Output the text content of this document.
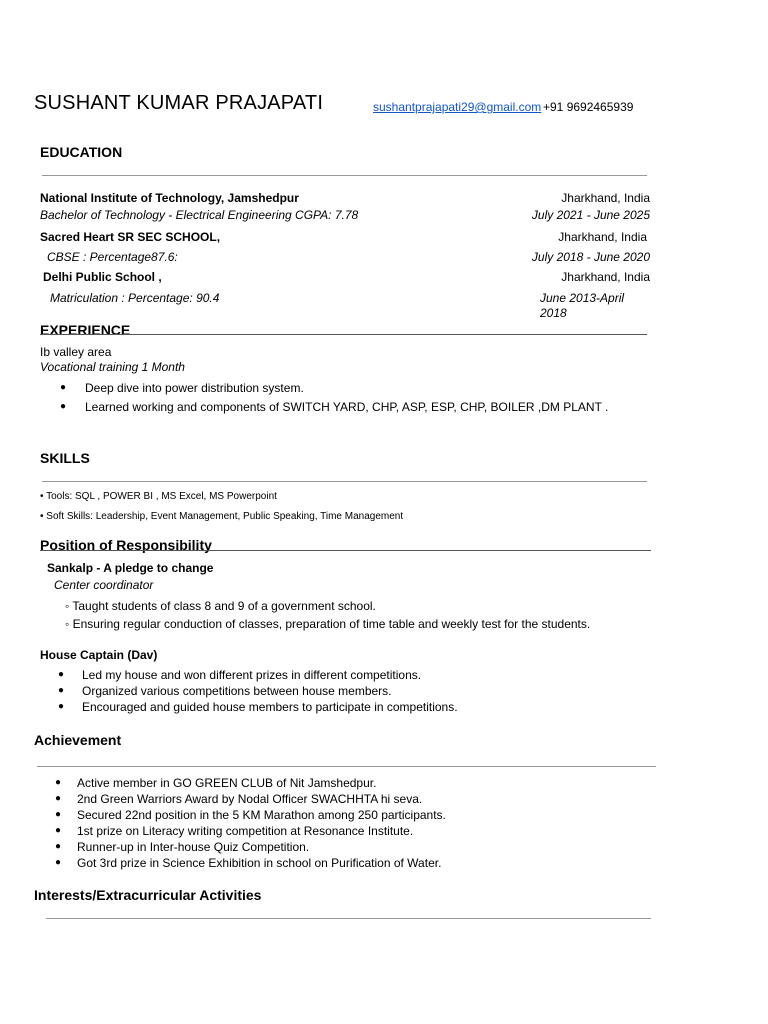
SUSHANT KUMAR PRAJAPATI	sushantprajapati29@gmail.com +91 9692465939
EDUCATION
National Institute of Technology, Jamshedpur	Jharkhand, India
Bachelor of Technology - Electrical Engineering CGPA: 7.78	July 2021 - June 2025
Sacred Heart SR SEC SCHOOL,	Jharkhand, India
CBSE : Percentage87.6:	July 2018 - June 2020
Delhi Public School ,	Jharkhand, India
Matriculation : Percentage: 90.4	June 2013-April
2018
EXPERIENCE
Ib valley area
Vocational training 1 Month
● Deep dive into power distribution system.
● Learned working and components of SWITCH YARD, CHP, ASP, ESP, CHP, BOILER ,DM PLANT .
SKILLS
• Tools: SQL , POWER BI , MS Excel, MS Powerpoint
• Soft Skills: Leadership, Event Management, Public Speaking, Time Management
Position of Responsibility
Sankalp - A pledge to change
Center coordinator
◦ Taught students of class 8 and 9 of a government school.
◦ Ensuring regular conduction of classes, preparation of time table and weekly test for the students.
House Captain (Dav)
● Led my house and won different prizes in different competitions.
● Organized various competitions between house members.
● Encouraged and guided house members to participate in competitions.
Achievement
● Active member in GO GREEN CLUB of Nit Jamshedpur.
● 2nd Green Warriors Award by Nodal Officer SWACHHTA hi seva.
● Secured 22nd position in the 5 KM Marathon among 250 participants.
● 1st prize on Literacy writing competition at Resonance Institute.
● Runner-up in Inter-house Quiz Competition.
● Got 3rd prize in Science Exhibition in school on Purification of Water.
Interests/Extracurricular Activities
